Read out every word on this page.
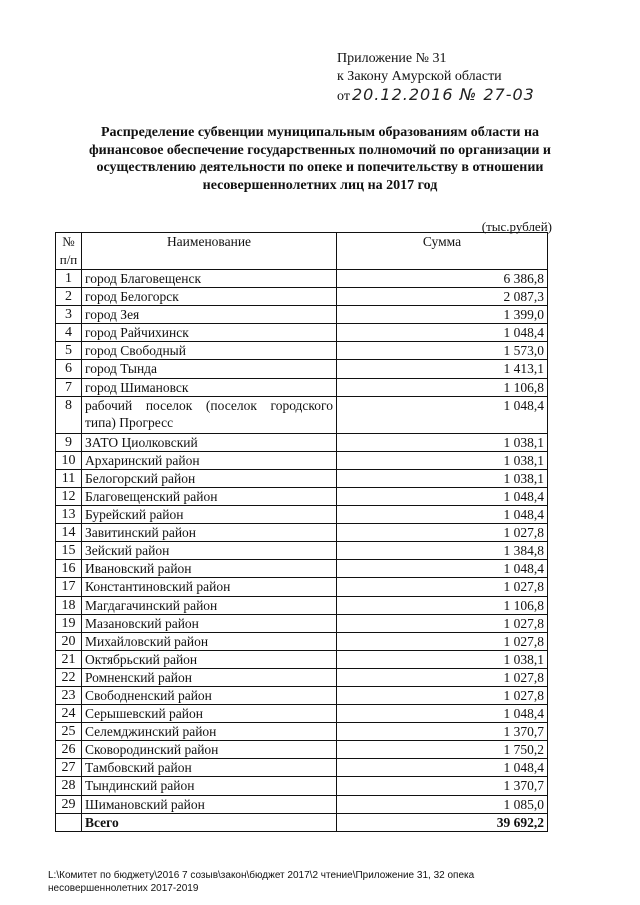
Приложение № 31
к Закону Амурской области
от 20.12.2016 № 27-03
Распределение субвенции муниципальным образованиям области на финансовое обеспечение государственных полномочий по организации и осуществлению деятельности по опеке и попечительству в отношении несовершеннолетних лиц на 2017 год
(тыс.рублей)
№
п/п	Наименование	Сумма
1	город Благовещенск	6 386,8
2	город Белогорск	2 087,3
3	город Зея	1 399,0
4	город Райчихинск	1 048,4
5	город Свободный	1 573,0
6	город Тында	1 413,1
7	город Шимановск	1 106,8
8	рабочий поселок (поселок городского типа) Прогресс	1 048,4
9	ЗАТО Циолковский	1 038,1
10	Архаринский район	1 038,1
11	Белогорский район	1 038,1
12	Благовещенский район	1 048,4
13	Бурейский район	1 048,4
14	Завитинский район	1 027,8
15	Зейский район	1 384,8
16	Ивановский район	1 048,4
17	Константиновский район	1 027,8
18	Магдагачинский район	1 106,8
19	Мазановский район	1 027,8
20	Михайловский район	1 027,8
21	Октябрьский район	1 038,1
22	Ромненский район	1 027,8
23	Свободненский район	1 027,8
24	Серышевский район	1 048,4
25	Селемджинский район	1 370,7
26	Сковородинский район	1 750,2
27	Тамбовский район	1 048,4
28	Тындинский район	1 370,7
29	Шимановский район	1 085,0
	Всего	39 692,2
L:\Комитет по бюджету\2016 7 созыв\закон\бюджет 2017\2 чтение\Приложение 31, 32 опека
несовершеннолетних 2017-2019
